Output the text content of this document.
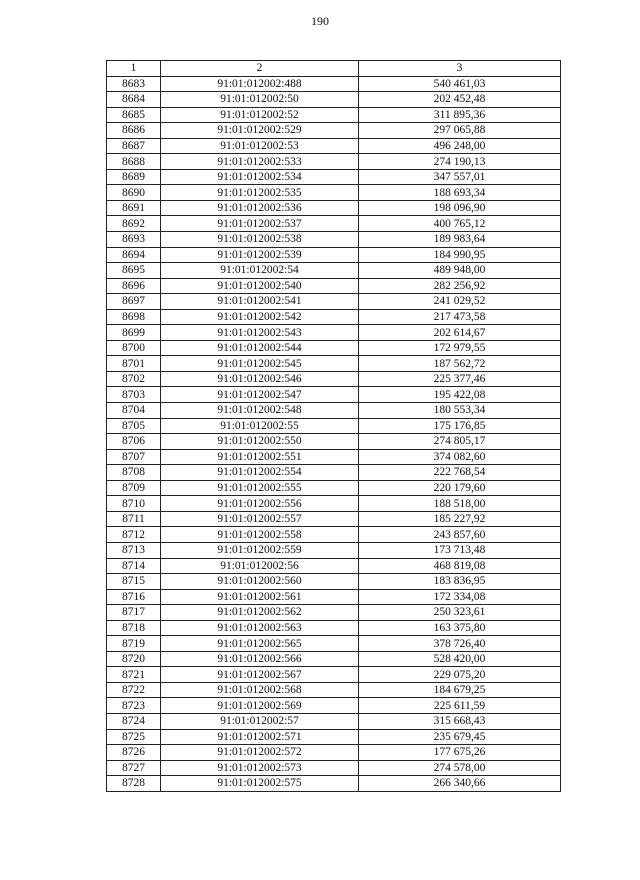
190
1	2	3
8683	91:01:012002:488	540 461,03
8684	91:01:012002:50	202 452,48
8685	91:01:012002:52	311 895,36
8686	91:01:012002:529	297 065,88
8687	91:01:012002:53	496 248,00
8688	91:01:012002:533	274 190,13
8689	91:01:012002:534	347 557,01
8690	91:01:012002:535	188 693,34
8691	91:01:012002:536	198 096,90
8692	91:01:012002:537	400 765,12
8693	91:01:012002:538	189 983,64
8694	91:01:012002:539	184 990,95
8695	91:01:012002:54	489 948,00
8696	91:01:012002:540	282 256,92
8697	91:01:012002:541	241 029,52
8698	91:01:012002:542	217 473,58
8699	91:01:012002:543	202 614,67
8700	91:01:012002:544	172 979,55
8701	91:01:012002:545	187 562,72
8702	91:01:012002:546	225 377,46
8703	91:01:012002:547	195 422,08
8704	91:01:012002:548	180 553,34
8705	91:01:012002:55	175 176,85
8706	91:01:012002:550	274 805,17
8707	91:01:012002:551	374 082,60
8708	91:01:012002:554	222 768,54
8709	91:01:012002:555	220 179,60
8710	91:01:012002:556	188 518,00
8711	91:01:012002:557	185 227,92
8712	91:01:012002:558	243 857,60
8713	91:01:012002:559	173 713,48
8714	91:01:012002:56	468 819,08
8715	91:01:012002:560	183 836,95
8716	91:01:012002:561	172 334,08
8717	91:01:012002:562	250 323,61
8718	91:01:012002:563	163 375,80
8719	91:01:012002:565	378 726,40
8720	91:01:012002:566	528 420,00
8721	91:01:012002:567	229 075,20
8722	91:01:012002:568	184 679,25
8723	91:01:012002:569	225 611,59
8724	91:01:012002:57	315 668,43
8725	91:01:012002:571	235 679,45
8726	91:01:012002:572	177 675,26
8727	91:01:012002:573	274 578,00
8728	91:01:012002:575	266 340,66
